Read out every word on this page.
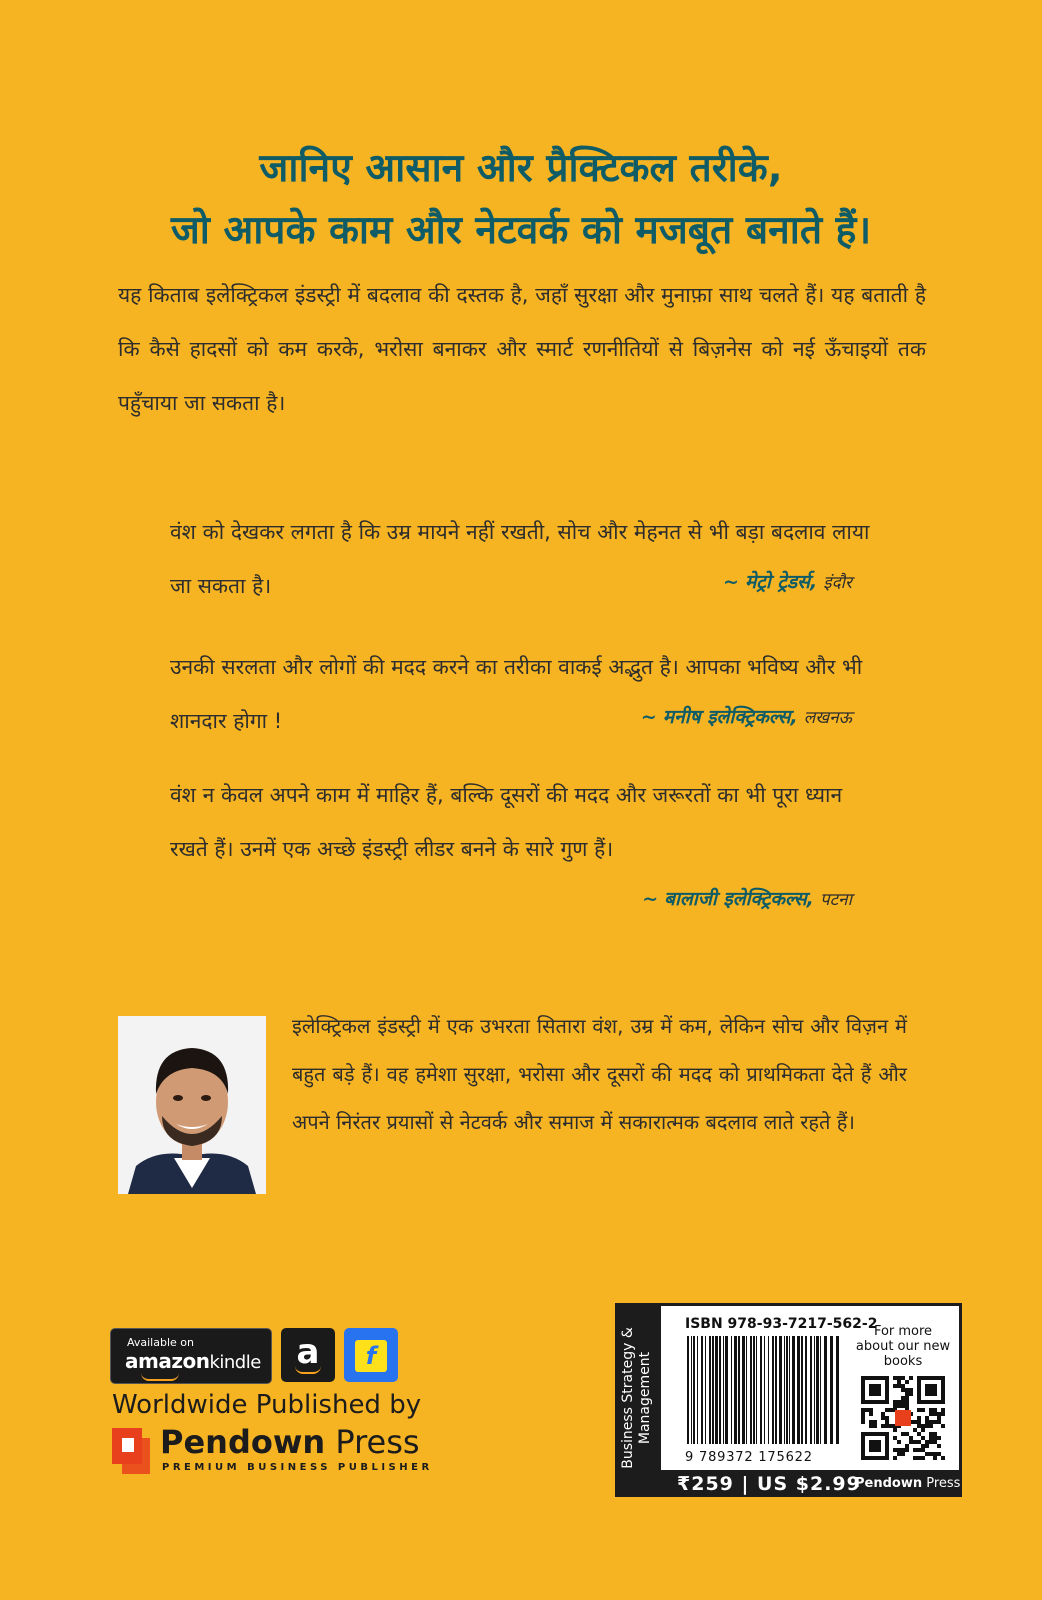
जानिए आसान और प्रैक्टिकल तरीके,
जो आपके काम और नेटवर्क को मजबूत बनाते हैं।
यह किताब इलेक्ट्रिकल इंडस्ट्री में बदलाव की दस्तक है, जहाँ सुरक्षा और मुनाफ़ा साथ चलते हैं। यह बताती है कि कैसे हादसों को कम करके, भरोसा बनाकर और स्मार्ट रणनीतियों से बिज़नेस को नई ऊँचाइयों तक पहुँचाया जा सकता है।

वंश को देखकर लगता है कि उम्र मायने नहीं रखती, सोच और मेहनत से भी बड़ा बदलाव लाया जा सकता है।	~ मेट्रो ट्रेडर्स, इंदौर

उनकी सरलता और लोगों की मदद करने का तरीका वाकई अद्भुत है। आपका भविष्य और भी शानदार होगा !	~ मनीष इलेक्ट्रिकल्स, लखनऊ

वंश न केवल अपने काम में माहिर हैं, बल्कि दूसरों की मदद और जरूरतों का भी पूरा ध्यान रखते हैं। उनमें एक अच्छे इंडस्ट्री लीडर बनने के सारे गुण हैं।

~ बालाजी इलेक्ट्रिकल्स, पटना
इलेक्ट्रिकल इंडस्ट्री में एक उभरता सितारा वंश, उम्र में कम, लेकिन सोच और विज़न में बहुत बड़े हैं। वह हमेशा सुरक्षा, भरोसा और दूसरों की मदद को प्राथमिकता देते हैं और अपने निरंतर प्रयासों से नेटवर्क और समाज में सकारात्मक बदलाव लाते रहते हैं।
Available on
amazonkindle	a	f
Worldwide Published by
Pendown Press
PREMIUM BUSINESS PUBLISHER	Business Strategy & Management
ISBN 978-93-7217-562-2
9 789372 175622
For more about our new books
₹259 | US $2.99
Pendown Press
